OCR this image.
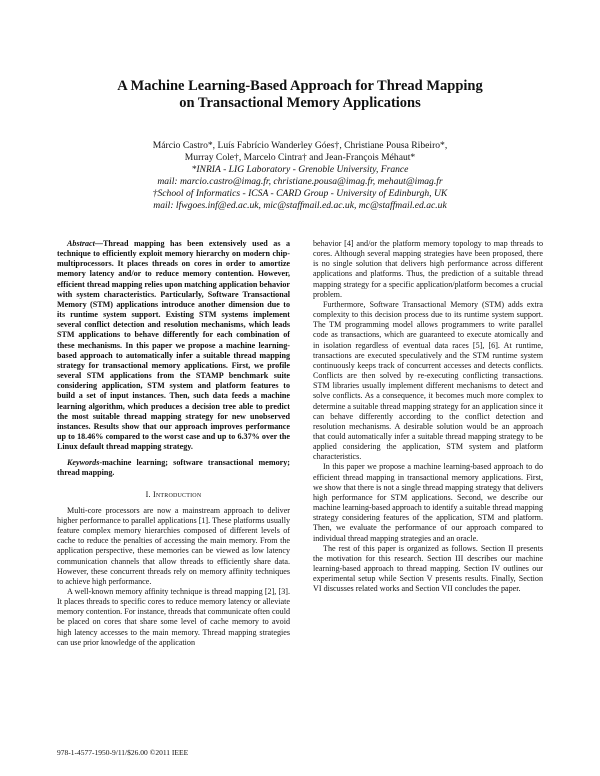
A Machine Learning-Based Approach for Thread Mapping
on Transactional Memory Applications
Márcio Castro*, Luís Fabrício Wanderley Góes†, Christiane Pousa Ribeiro*,
Murray Cole†, Marcelo Cintra† and Jean-François Méhaut*
*INRIA - LIG Laboratory - Grenoble University, France
mail: marcio.castro@imag.fr, christiane.pousa@imag.fr, mehaut@imag.fr
†School of Informatics - ICSA - CARD Group - University of Edinburgh, UK
mail: lfwgoes.inf@ed.ac.uk, mic@staffmail.ed.ac.uk, mc@staffmail.ed.ac.uk

Abstract—Thread mapping has been extensively used as a technique to efficiently exploit memory hierarchy on modern chip-multiprocessors. It places threads on cores in order to amortize memory latency and/or to reduce memory contention. However, efficient thread mapping relies upon matching application behavior with system characteristics. Particularly, Software Transactional Memory (STM) applications introduce another dimension due to its runtime system support. Existing STM systems implement several conflict detection and resolution mechanisms, which leads STM applications to behave differently for each combination of these mechanisms. In this paper we propose a machine learning-based approach to automatically infer a suitable thread mapping strategy for transactional memory applications. First, we profile several STM applications from the STAMP benchmark suite considering application, STM system and platform features to build a set of input instances. Then, such data feeds a machine learning algorithm, which produces a decision tree able to predict the most suitable thread mapping strategy for new unobserved instances. Results show that our approach improves performance up to 18.46% compared to the worst case and up to 6.37% over the Linux default thread mapping strategy.

Keywords-machine learning; software transactional memory; thread mapping.

I. Introduction

Multi-core processors are now a mainstream approach to deliver higher performance to parallel applications [1]. These platforms usually feature complex memory hierarchies composed of different levels of cache to reduce the penalties of accessing the main memory. From the application perspective, these memories can be viewed as low latency communication channels that allow threads to efficiently share data. However, these concurrent threads rely on memory affinity techniques to achieve high performance.

A well-known memory affinity technique is thread mapping [2], [3]. It places threads to specific cores to reduce memory latency or alleviate memory contention. For instance, threads that communicate often could be placed on cores that share some level of cache memory to avoid high latency accesses to the main memory. Thread mapping strategies can use prior knowledge of the application

behavior [4] and/or the platform memory topology to map threads to cores. Although several mapping strategies have been proposed, there is no single solution that delivers high performance across different applications and platforms. Thus, the prediction of a suitable thread mapping strategy for a specific application/platform becomes a crucial problem.

Furthermore, Software Transactional Memory (STM) adds extra complexity to this decision process due to its runtime system support. The TM programming model allows programmers to write parallel code as transactions, which are guaranteed to execute atomically and in isolation regardless of eventual data races [5], [6]. At runtime, transactions are executed speculatively and the STM runtime system continuously keeps track of concurrent accesses and detects conflicts. Conflicts are then solved by re-executing conflicting transactions. STM libraries usually implement different mechanisms to detect and solve conflicts. As a consequence, it becomes much more complex to determine a suitable thread mapping strategy for an application since it can behave differently according to the conflict detection and resolution mechanisms. A desirable solution would be an approach that could automatically infer a suitable thread mapping strategy to be applied considering the application, STM system and platform characteristics.

In this paper we propose a machine learning-based approach to do efficient thread mapping in transactional memory applications. First, we show that there is not a single thread mapping strategy that delivers high performance for STM applications. Second, we describe our machine learning-based approach to identify a suitable thread mapping strategy considering features of the application, STM and platform. Then, we evaluate the performance of our approach compared to individual thread mapping strategies and an oracle.

The rest of this paper is organized as follows. Section II presents the motivation for this research. Section III describes our machine learning-based approach to thread mapping. Section IV outlines our experimental setup while Section V presents results. Finally, Section VI discusses related works and Section VII concludes the paper.

978-1-4577-1950-9/11/$26.00 ©2011 IEEE
